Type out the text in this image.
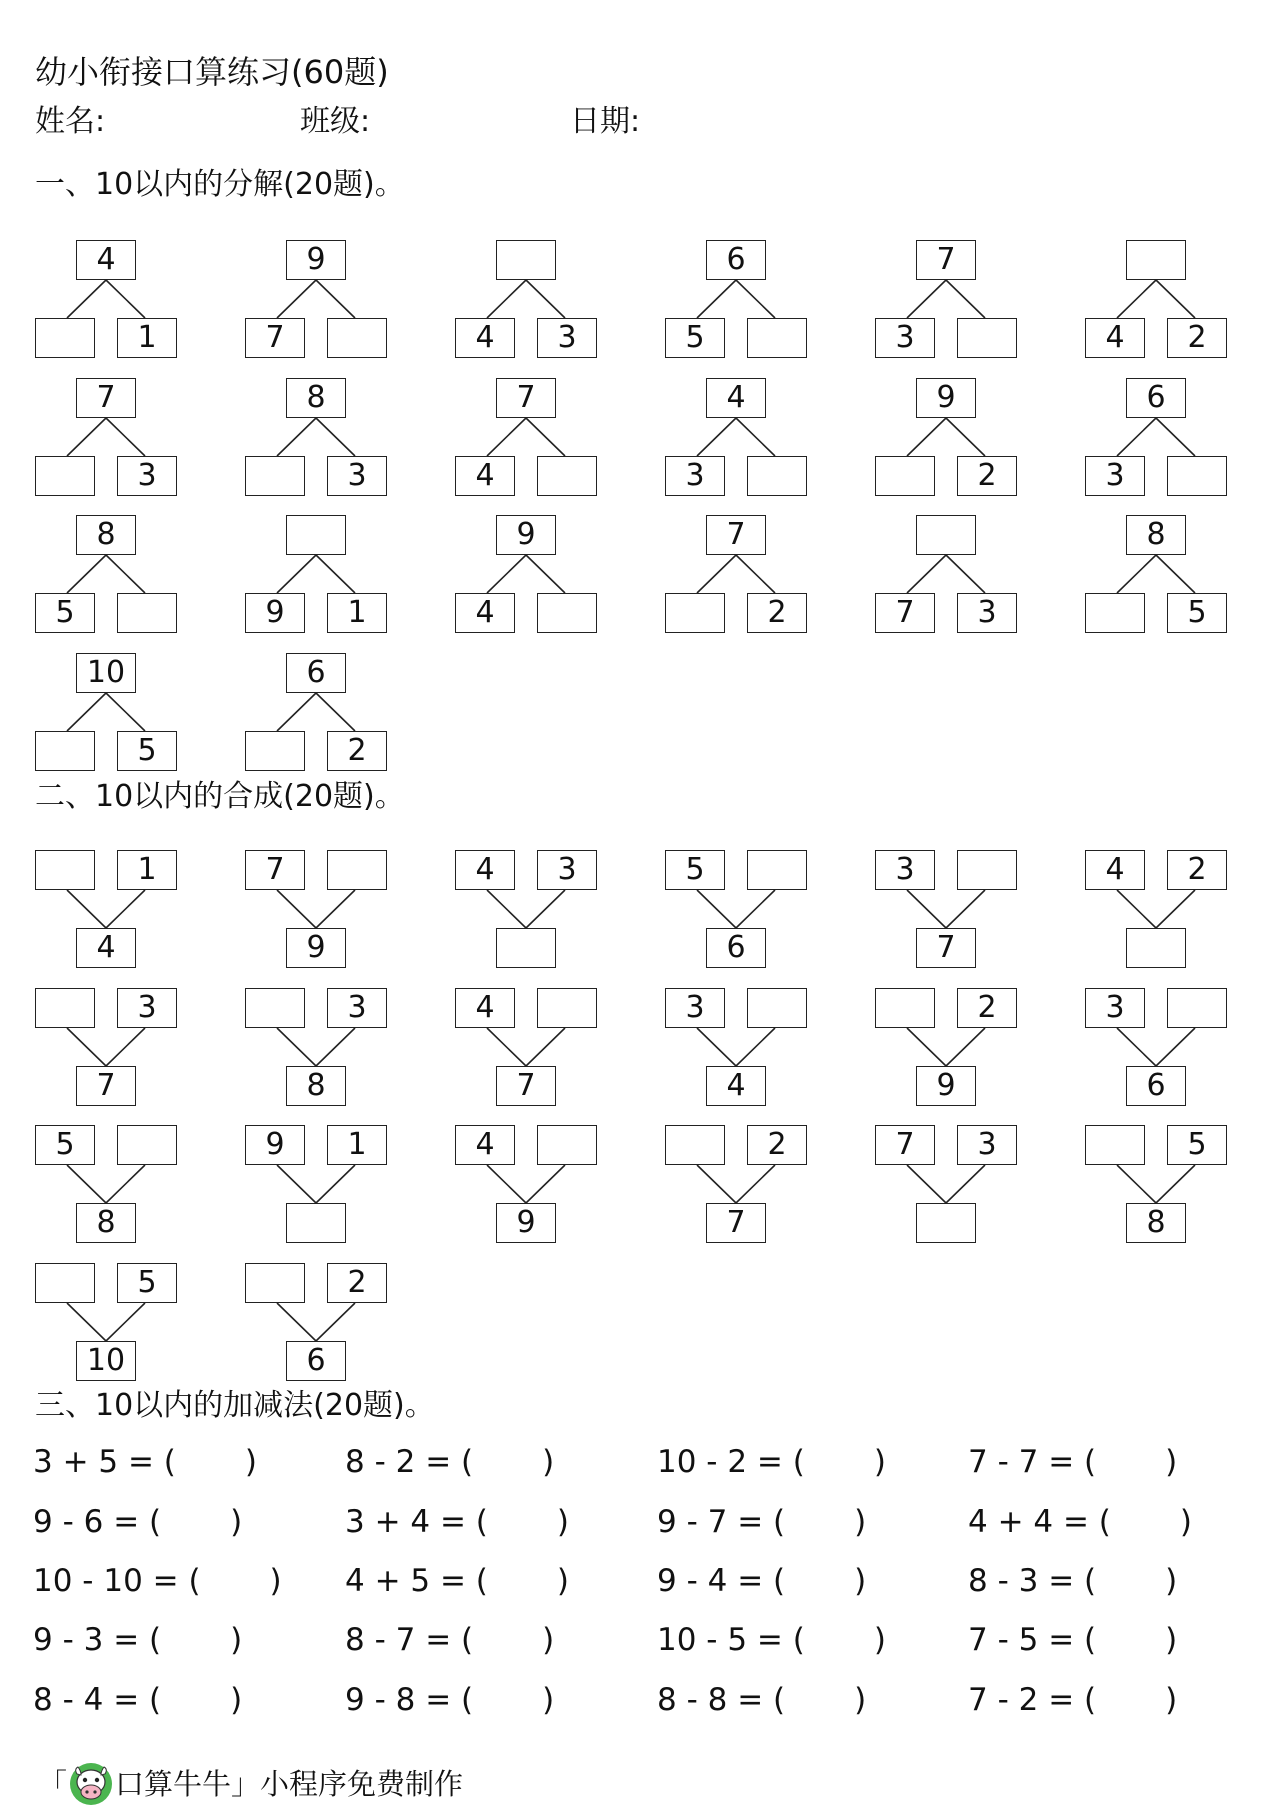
幼小衔接口算练习(60题)
姓名:	班级:	日期:
一、10以内的分解(20题)。
二、10以内的合成(20题)。
三、10以内的加减法(20题)。
4
1
9
7	4	3
6
5
7
3	4	2
7
3
8
3
7
4
4
3
9
2
6
3
8
5	9	1
9
4
7
2	7	3
8
5
10
5
6
2
1
4
7
9
4	3	5
6
3
7
4	2
3
7
3
8
4
7
3
4
2
9
3
6
5
8
9	1	4
9
2
7
7	3	5
8
5
10
2
6
3 + 5 = (       )	8 - 2 = (       )	10 - 2 = (       )	7 - 7 = (       )
9 - 6 = (       )	3 + 4 = (       )	9 - 7 = (       )	4 + 4 = (       )
10 - 10 = (       ) 4 + 5 = (       )	9 - 4 = (       )	8 - 3 = (       )
9 - 3 = (       )	8 - 7 = (       )	10 - 5 = (       )	7 - 5 = (       )
8 - 4 = (       )	9 - 8 = (       )	8 - 8 = (       )	7 - 2 = (       )
「 口算牛牛 」小程序免费制作
